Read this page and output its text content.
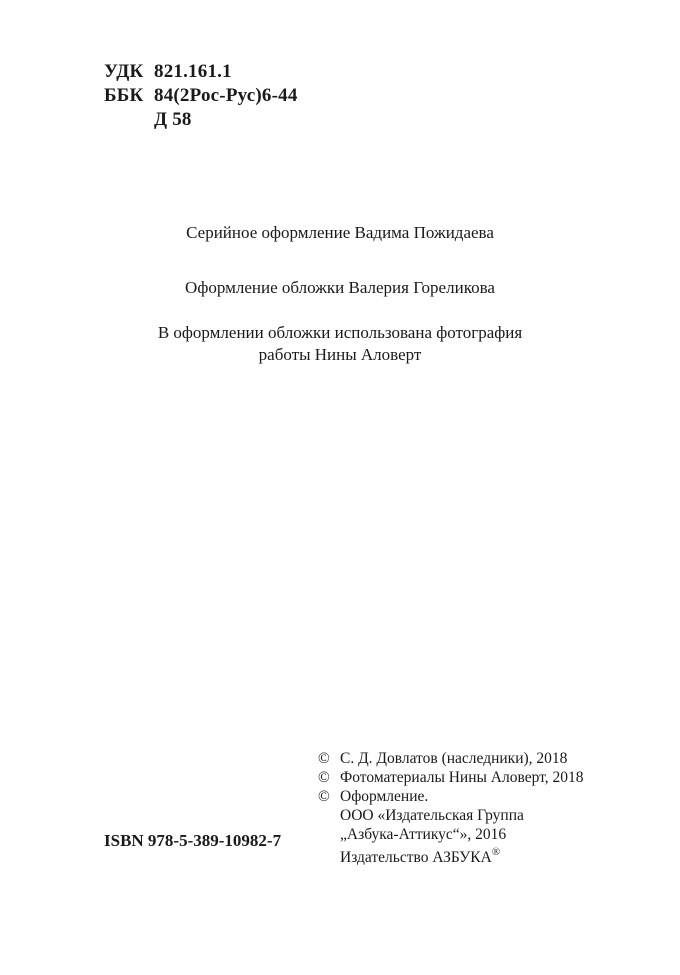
УДК 821.161.1
ББК 84(2Рос-Рус)6-44
Д 58
Серийное оформление Вадима Пожидаева
Оформление обложки Валерия Гореликова
В оформлении обложки использована фотография
работы Нины Аловерт
© С. Д. Довлатов (наследники), 2018
© Фотоматериалы Нины Аловерт, 2018
© Оформление.
ООО «Издательская Группа
„Азбука-Аттикус“», 2016
Издательство АЗБУКА®
ISBN 978-5-389-10982-7
